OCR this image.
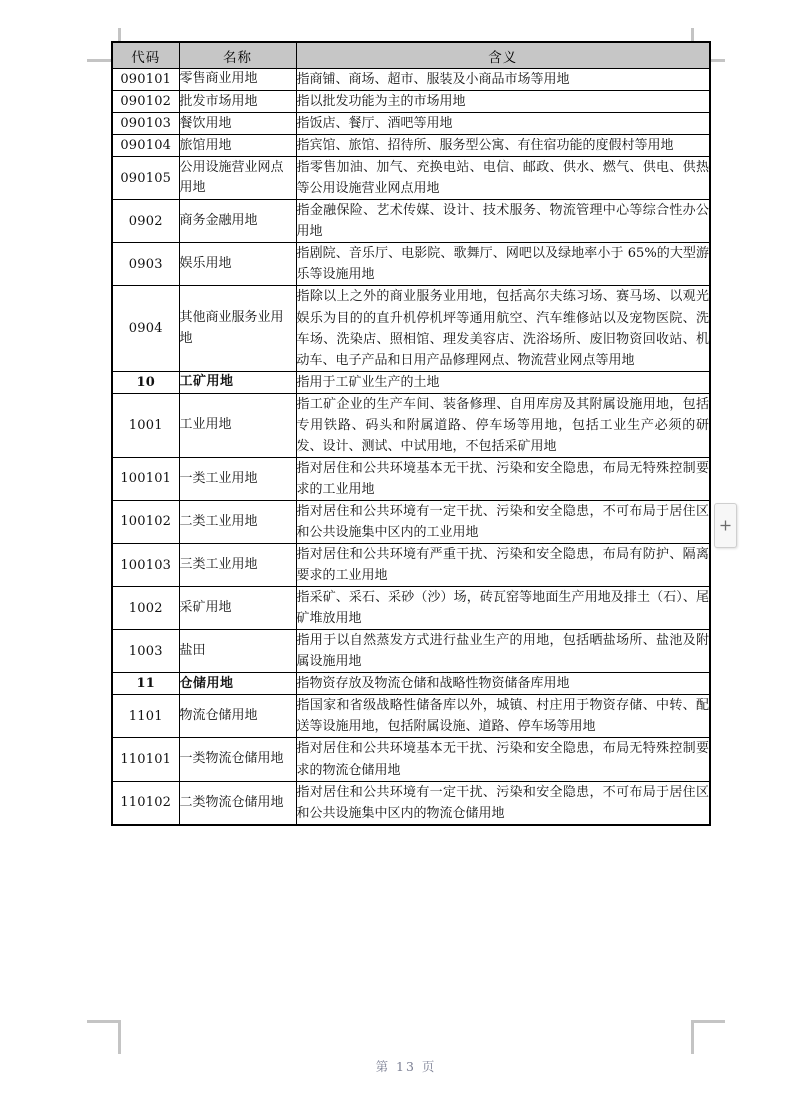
代码	名称	含义
090101	零售商业用地	指商铺、商场、超市、服装及小商品市场等用地
090102	批发市场用地	指以批发功能为主的市场用地
090103	餐饮用地	指饭店、餐厅、酒吧等用地
090104	旅馆用地	指宾馆、旅馆、招待所、服务型公寓、有住宿功能的度假村等用地
090105	公用设施营业网点用地	指零售加油、加气、充换电站、电信、邮政、供水、燃气、供电、供热等公用设施营业网点用地
0902	商务金融用地	指金融保险、艺术传媒、设计、技术服务、物流管理中心等综合性办公用地
0903	娱乐用地	指剧院、音乐厅、电影院、歌舞厅、网吧以及绿地率小于 65%的大型游乐等设施用地
0904	其他商业服务业用地	指除以上之外的商业服务业用地，包括高尔夫练习场、赛马场、以观光娱乐为目的的直升机停机坪等通用航空、汽车维修站以及宠物医院、洗车场、洗染店、照相馆、理发美容店、洗浴场所、废旧物资回收站、机动车、电子产品和日用产品修理网点、物流营业网点等用地
10	工矿用地	指用于工矿业生产的土地
1001	工业用地	指工矿企业的生产车间、装备修理、自用库房及其附属设施用地，包括专用铁路、码头和附属道路、停车场等用地，包括工业生产必须的研发、设计、测试、中试用地，不包括采矿用地
100101	一类工业用地	指对居住和公共环境基本无干扰、污染和安全隐患，布局无特殊控制要求的工业用地
100102	二类工业用地	指对居住和公共环境有一定干扰、污染和安全隐患，不可布局于居住区和公共设施集中区内的工业用地
100103	三类工业用地	指对居住和公共环境有严重干扰、污染和安全隐患，布局有防护、隔离要求的工业用地
1002	采矿用地	指采矿、采石、采砂（沙）场，砖瓦窑等地面生产用地及排土（石）、尾矿堆放用地
1003	盐田	指用于以自然蒸发方式进行盐业生产的用地，包括晒盐场所、盐池及附属设施用地
11	仓储用地	指物资存放及物流仓储和战略性物资储备库用地
1101	物流仓储用地	指国家和省级战略性储备库以外，城镇、村庄用于物资存储、中转、配送等设施用地，包括附属设施、道路、停车场等用地
110101	一类物流仓储用地	指对居住和公共环境基本无干扰、污染和安全隐患，布局无特殊控制要求的物流仓储用地
110102	二类物流仓储用地	指对居住和公共环境有一定干扰、污染和安全隐患，不可布局于居住区和公共设施集中区内的物流仓储用地
第 13 页
